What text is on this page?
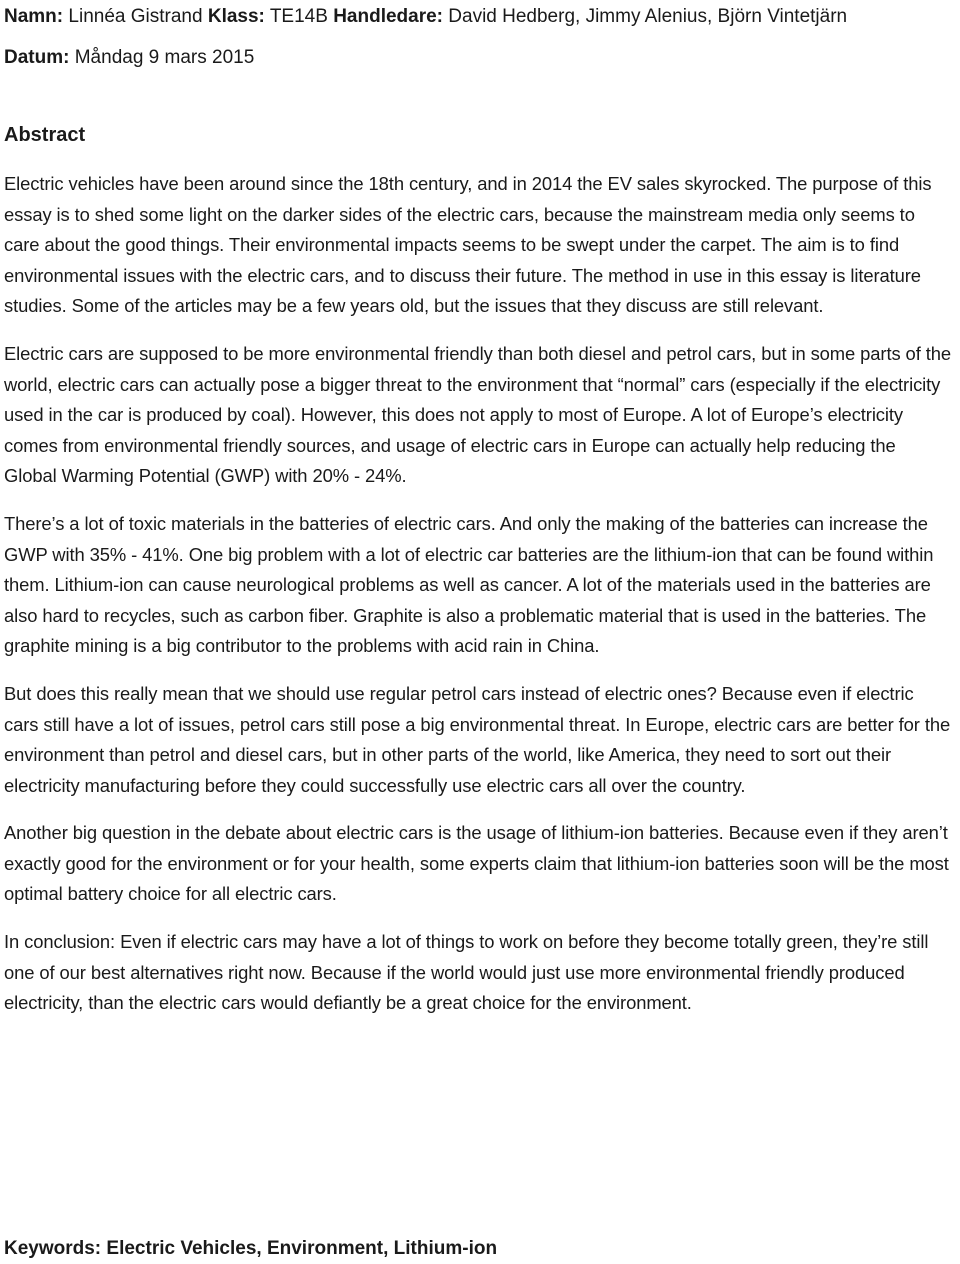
Namn: Linnéa Gistrand Klass: TE14B Handledare: David Hedberg, Jimmy Alenius, Björn Vintetjärn

Datum: Måndag 9 mars 2015

Abstract

Electric vehicles have been around since the 18th century, and in 2014 the EV sales skyrocked. The purpose of this essay is to shed some light on the darker sides of the electric cars, because the mainstream media only seems to care about the good things. Their environmental impacts seems to be swept under the carpet. The aim is to find environmental issues with the electric cars, and to discuss their future. The method in use in this essay is literature studies. Some of the articles may be a few years old, but the issues that they discuss are still relevant.

Electric cars are supposed to be more environmental friendly than both diesel and petrol cars, but in some parts of the world, electric cars can actually pose a bigger threat to the environment that “normal” cars (especially if the electricity used in the car is produced by coal). However, this does not apply to most of Europe. A lot of Europe’s electricity comes from environmental friendly sources, and usage of electric cars in Europe can actually help reducing the Global Warming Potential (GWP) with 20% - 24%.

There’s a lot of toxic materials in the batteries of electric cars. And only the making of the batteries can increase the GWP with 35% - 41%. One big problem with a lot of electric car batteries are the lithium-ion that can be found within them. Lithium-ion can cause neurological problems as well as cancer. A lot of the materials used in the batteries are also hard to recycles, such as carbon fiber. Graphite is also a problematic material that is used in the batteries. The graphite mining is a big contributor to the problems with acid rain in China.

But does this really mean that we should use regular petrol cars instead of electric ones? Because even if electric cars still have a lot of issues, petrol cars still pose a big environmental threat. In Europe, electric cars are better for the environment than petrol and diesel cars, but in other parts of the world, like America, they need to sort out their electricity manufacturing before they could successfully use electric cars all over the country.

Another big question in the debate about electric cars is the usage of lithium-ion batteries. Because even if they aren’t exactly good for the environment or for your health, some experts claim that lithium-ion batteries soon will be the most optimal battery choice for all electric cars.

In conclusion: Even if electric cars may have a lot of things to work on before they become totally green, they’re still one of our best alternatives right now. Because if the world would just use more environmental friendly produced electricity, than the electric cars would defiantly be a great choice for the environment.

Keywords: Electric Vehicles, Environment, Lithium-ion
